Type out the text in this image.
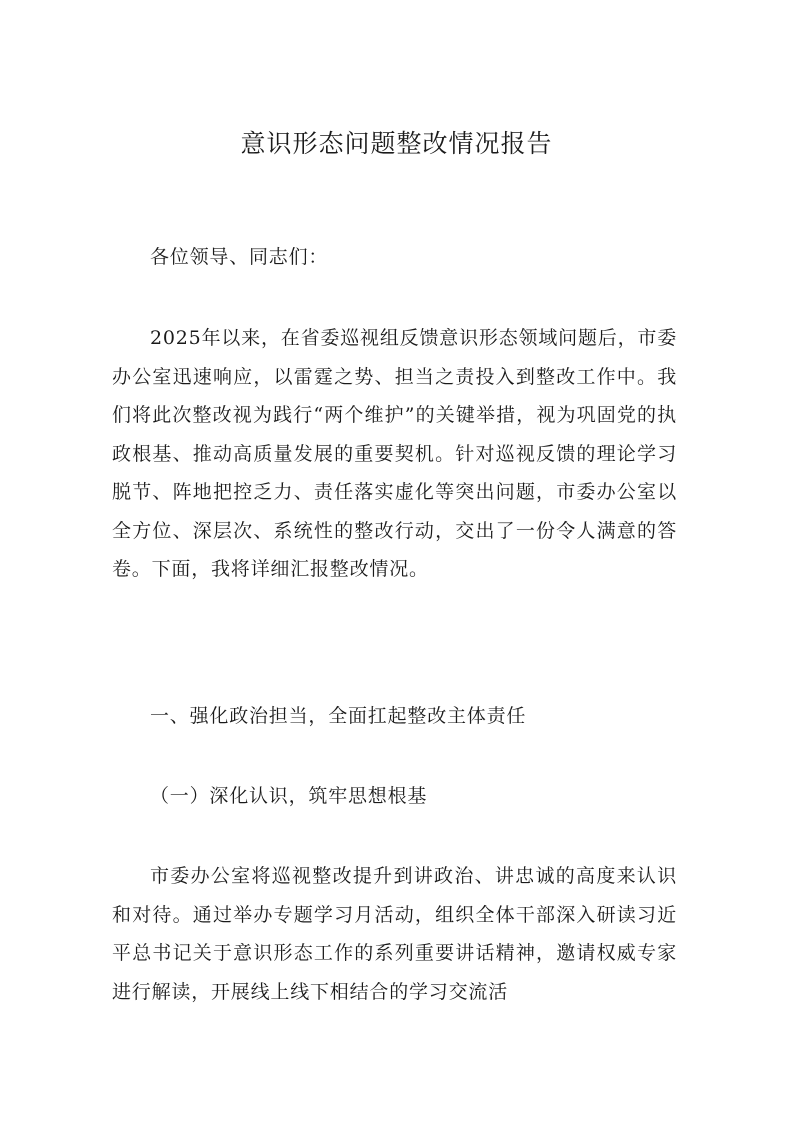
意识形态问题整改情况报告
各位领导、同志们：
2025年以来，在省委巡视组反馈意识形态领域问题后，市委办公室迅速响应，以雷霆之势、担当之责投入到整改工作中。我们将此次整改视为践行“两个维护”的关键举措，视为巩固党的执政根基、推动高质量发展的重要契机。针对巡视反馈的理论学习脱节、阵地把控乏力、责任落实虚化等突出问题，市委办公室以全方位、深层次、系统性的整改行动，交出了一份令人满意的答卷。下面，我将详细汇报整改情况。
一、强化政治担当，全面扛起整改主体责任
（一）深化认识，筑牢思想根基
市委办公室将巡视整改提升到讲政治、讲忠诚的高度来认识和对待。通过举办专题学习月活动，组织全体干部深入研读习近平总书记关于意识形态工作的系列重要讲话精神，邀请权威专家进行解读，开展线上线下相结合的学习交流活
